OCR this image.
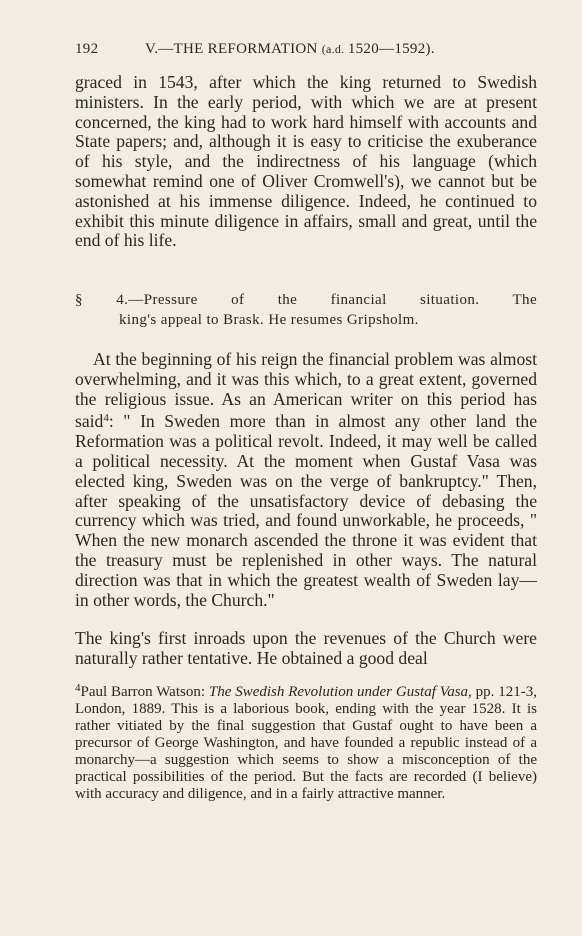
192	V.—THE REFORMATION (a.d. 1520—1592).

graced in 1543, after which the king returned to Swedish ministers. In the early period, with which we are at present concerned, the king had to work hard himself with accounts and State papers; and, although it is easy to criticise the exuberance of his style, and the indirectness of his language (which somewhat remind one of Oliver Cromwell's), we cannot but be astonished at his immense diligence. Indeed, he continued to exhibit this minute diligence in affairs, small and great, until the end of his life.

§ 4.—Pressure of the financial situation. The
king's appeal to Brask. He resumes Gripsholm.

At the beginning of his reign the financial problem was almost overwhelming, and it was this which, to a great extent, governed the religious issue. As an American writer on this period has said$^4$: " In Sweden more than in almost any other land the Reformation was a political revolt. Indeed, it may well be called a political necessity. At the moment when Gustaf Vasa was elected king, Sweden was on the verge of bankruptcy." Then, after speaking of the unsatisfactory device of debasing the currency which was tried, and found unworkable, he proceeds, " When the new monarch ascended the throne it was evident that the treasury must be replenished in other ways. The natural direction was that in which the greatest wealth of Sweden lay—in other words, the Church."

The king's first inroads upon the revenues of the Church were naturally rather tentative. He obtained a good deal

$^4$Paul Barron Watson: The Swedish Revolution under Gustaf Vasa, pp. 121-3, London, 1889. This is a laborious book, ending with the year 1528. It is rather vitiated by the final suggestion that Gustaf ought to have been a precursor of George Washington, and have founded a republic instead of a monarchy—a suggestion which seems to show a misconception of the practical possibilities of the period. But the facts are recorded (I believe) with accuracy and diligence, and in a fairly attractive manner.
